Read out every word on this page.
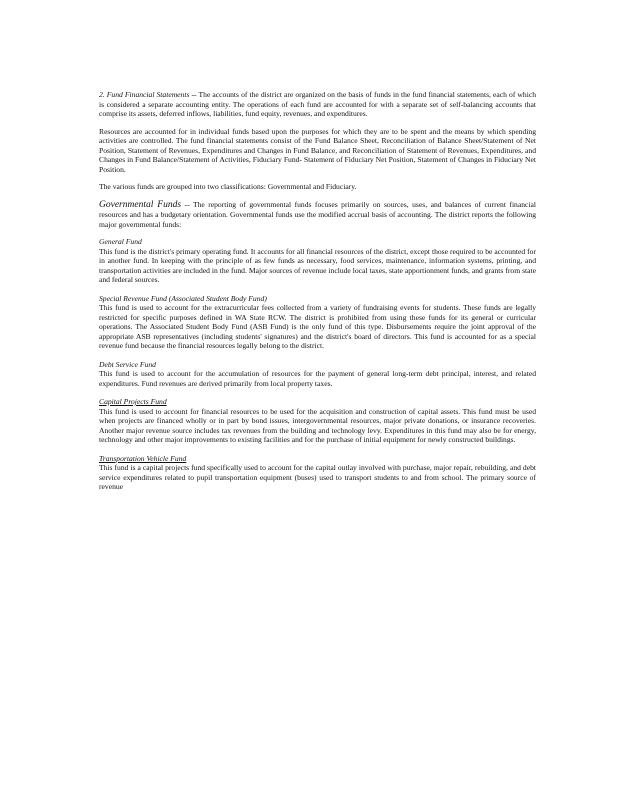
2. Fund Financial Statements -- The accounts of the district are organized on the basis of funds in the fund financial statements, each of which is considered a separate accounting entity. The operations of each fund are accounted for with a separate set of self-balancing accounts that comprise its assets, deferred inflows, liabilities, fund equity, revenues, and expenditures.

Resources are accounted for in individual funds based upon the purposes for which they are to be spent and the means by which spending activities are controlled. The fund financial statements consist of the Fund Balance Sheet, Reconciliation of Balance Sheet/Statement of Net Position, Statement of Revenues, Expenditures and Changes in Fund Balance, and Reconciliation of Statement of Revenues, Expenditures, and Changes in Fund Balance/Statement of Activities, Fiduciary Fund- Statement of Fiduciary Net Position, Statement of Changes in Fiduciary Net Position.

The various funds are grouped into two classifications: Governmental and Fiduciary.

Governmental Funds -- The reporting of governmental funds focuses primarily on sources, uses, and balances of current financial resources and has a budgetary orientation. Governmental funds use the modified accrual basis of accounting. The district reports the following major governmental funds:

General Fund

This fund is the district's primary operating fund. It accounts for all financial resources of the district, except those required to be accounted for in another fund. In keeping with the principle of as few funds as necessary, food services, maintenance, information systems, printing, and transportation activities are included in the fund. Major sources of revenue include local taxes, state apportionment funds, and grants from state and federal sources.

Special Revenue Fund (Associated Student Body Fund)

This fund is used to account for the extracurricular fees collected from a variety of fundraising events for students. These funds are legally restricted for specific purposes defined in WA State RCW. The district is prohibited from using these funds for its general or curricular operations. The Associated Student Body Fund (ASB Fund) is the only fund of this type. Disbursements require the joint approval of the appropriate ASB representatives (including students' signatures) and the district's board of directors. This fund is accounted for as a special revenue fund because the financial resources legally belong to the district.

Debt Service Fund

This fund is used to account for the accumulation of resources for the payment of general long-term debt principal, interest, and related expenditures. Fund revenues are derived primarily from local property taxes.

Capital Projects Fund

This fund is used to account for financial resources to be used for the acquisition and construction of capital assets. This fund must be used when projects are financed wholly or in part by bond issues, intergovernmental resources, major private donations, or insurance recoveries. Another major revenue source includes tax revenues from the building and technology levy. Expenditures in this fund may also be for energy, technology and other major improvements to existing facilities and for the purchase of initial equipment for newly constructed buildings.

Transportation Vehicle Fund

This fund is a capital projects fund specifically used to account for the capital outlay involved with purchase, major repair, rebuilding, and debt service expenditures related to pupil transportation equipment (buses) used to transport students to and from school. The primary source of revenue
